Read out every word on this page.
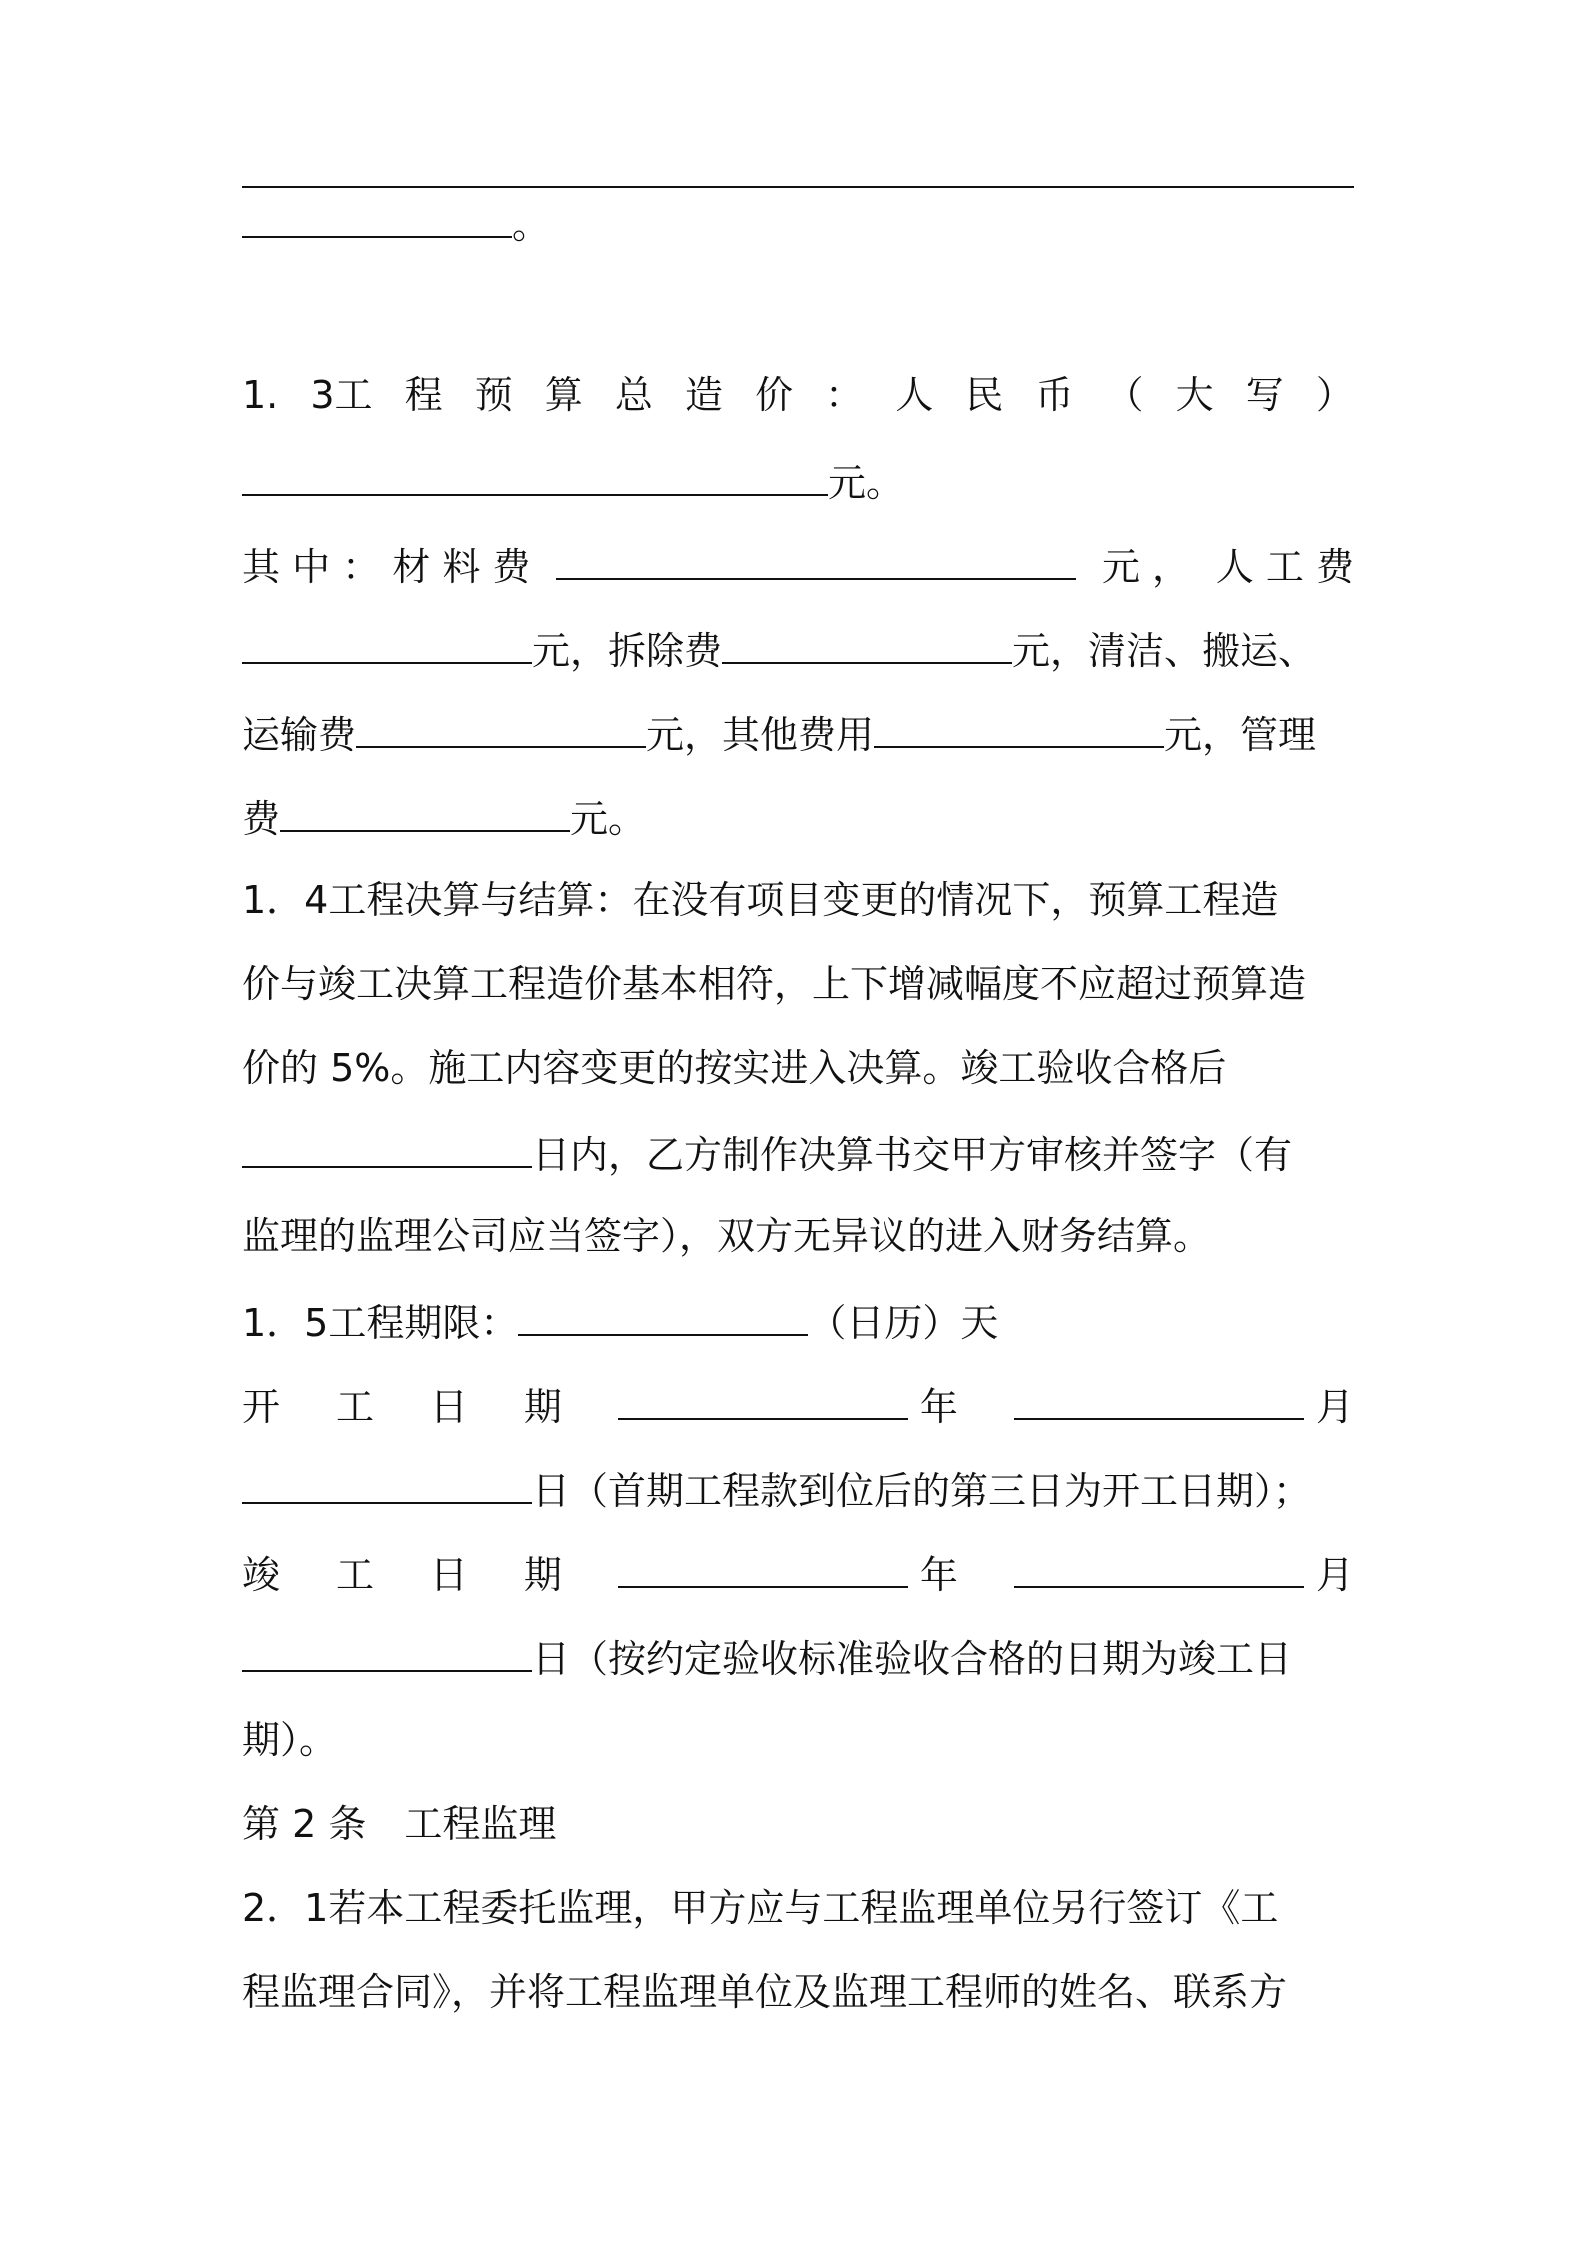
。
1. 3工 程 预 算 总 造 价 ： 人 民 币 （ 大 写 ）
元。
其 中 ： 材 料 费	元 ， 人 工 费
元，拆除费	元，清洁、搬运、
运输费	元，其他费用	元，管理
费	元。
1．4工程决算与结算：在没有项目变更的情况下，预算工程造
价与竣工决算工程造价基本相符，上下增减幅度不应超过预算造
价的 5%。施工内容变更的按实进入决算。竣工验收合格后
日内，乙方制作决算书交甲方审核并签字（有
监理的监理公司应当签字），双方无异议的进入财务结算。
1．5工程期限：	（日历）天
开 工 日 期	年	月
日（首期工程款到位后的第三日为开工日期）；
竣 工 日 期	年	月
日（按约定验收标准验收合格的日期为竣工日
期）。
第 2 条　工程监理
2．1若本工程委托监理，甲方应与工程监理单位另行签订《工
程监理合同》，并将工程监理单位及监理工程师的姓名、联系方
